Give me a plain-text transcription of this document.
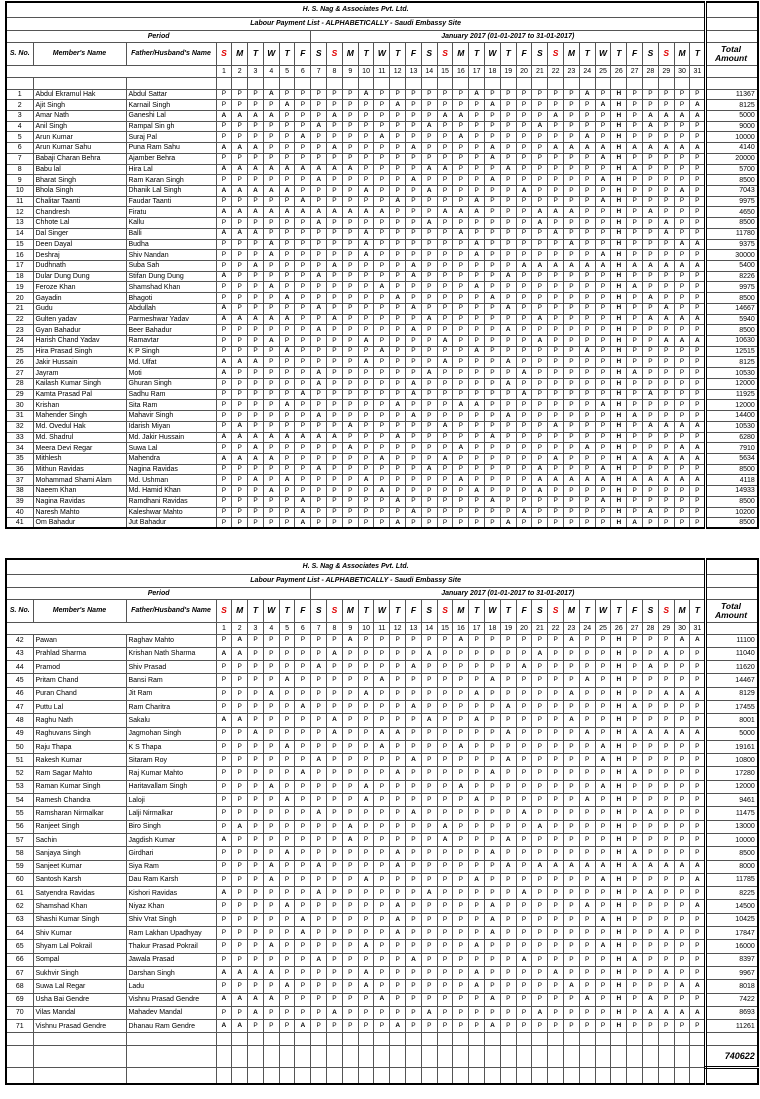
H. S. Nag & Associates Pvt. Ltd.																																		
Labour Payment List - ALPHABETICALLY - Saudi Embassy Site																																		
Period									January 2017 (01-01-2017 to 31-01-2017)																									
S. No.	Member's Name	Father/Husband's Name	S	M	T	W	T	F	S	S	M	T	W	T	F	S	S	M	T	W	T	F	S	S	M	T	W	T	F	S	S	M	T	Total Amount
			1	2	3	4	5	6	7	8	9	10	11	12	13	14	15	16	17	18	19	20	21	22	23	24	25	26	27	28	29	30	31	

1	Abdul Ekramul Hak	Abdul Sattar	P	P	P	A	P	P	P	P	P	A	P	P	P	P	P	P	A	P	P	P	P	P	P	A	P	H	P	P	P	P	P	11367
2	Ajit Singh	Karnail Singh	P	P	P	P	A	P	P	P	P	P	P	A	P	P	P	P	P	A	P	P	P	P	P	P	A	H	P	P	P	P	A	8125
3	Amar Nath	Ganeshi Lal	A	A	A	A	P	P	P	A	P	P	P	P	P	P	A	A	P	P	P	P	P	A	P	P	P	H	P	A	A	A	A	5000
4	Anil Singh	Rampal Sin gh	P	P	P	P	P	P	A	P	P	P	P	P	P	A	P	P	P	P	P	P	A	P	P	P	P	H	P	A	P	P	P	9000
5	Arun Kumar	Suraj Pal	P	P	P	P	P	A	P	P	P	P	A	P	P	P	P	A	P	P	P	P	P	P	P	A	P	H	P	P	P	P	P	10000
6	Arun Kumar Sahu	Puna Ram Sahu	A	A	A	P	P	P	P	A	P	P	P	P	A	P	P	P	P	A	P	P	P	A	A	A	A	H	A	A	A	A	A	4140
7	Babaji Charan Behra	Ajamber Behra	P	P	P	P	P	P	P	P	P	P	P	P	P	P	P	P	P	A	P	P	P	P	P	P	A	H	P	P	P	P	P	20000
8	Babu lal	Hira Lal	A	A	A	A	A	A	A	A	A	P	P	P	P	A	A	P	P	P	A	P	P	P	P	P	P	H	A	P	P	P	P	5700
9	Bharat Singh	Ram Karan Singh	P	P	P	P	P	P	A	P	P	P	P	P	A	P	P	P	P	A	P	P	P	P	P	P	A	H	P	P	P	P	P	8500
10	Bhola Singh	Dhanik Lal Singh	A	A	A	A	A	P	P	P	P	A	P	P	P	A	P	P	P	P	P	A	P	P	P	P	P	H	P	P	P	A	P	7043
11	Chalitar Taanti	Faudar Taanti	P	P	P	P	P	A	P	P	P	P	P	A	P	P	P	P	A	P	P	P	P	P	P	P	A	H	P	P	P	P	P	9975
12	Chandresh	Firatu	A	A	A	A	A	A	A	A	A	A	A	P	P	P	A	A	A	P	P	P	A	A	A	P	P	H	P	A	P	P	P	4650
13	Chhote Lal	Kallu	P	P	P	P	P	P	A	P	P	P	P	P	P	A	P	P	P	P	P	P	A	P	P	P	P	H	P	P	A	P	P	8500
14	Dal Singer	Balli	A	A	A	P	P	P	P	P	P	A	P	P	P	P	P	A	P	P	P	P	P	A	P	P	P	H	P	P	A	P	P	11780
15	Deen Dayal	Budha	P	P	P	A	P	P	P	P	P	A	P	P	P	P	P	P	A	P	P	P	P	P	A	P	P	H	P	P	P	A	A	9375
16	Deshraj	Shiv Nandan	P	P	P	A	P	P	P	P	P	A	P	P	P	P	P	P	A	P	P	P	P	P	P	P	A	H	P	P	P	P	P	30000
17	Dudhnath	Suba Sah	P	P	A	P	P	P	P	A	P	P	P	P	A	P	P	P	P	P	P	A	A	A	A	A	A	H	A	A	A	A	A	5400
18	Dular Dung Dung	Stifan Dung Dung	A	P	P	P	P	P	A	P	P	P	P	P	A	P	P	P	P	P	A	P	P	P	P	P	P	H	P	P	P	P	P	8226
19	Feroze Khan	Shamshad Khan	P	P	P	A	P	P	P	P	P	P	A	P	P	P	P	P	A	P	P	P	P	P	P	P	P	H	A	P	P	P	P	9975
20	Gayadin	Bhagoti	P	P	P	P	A	P	P	P	P	P	P	A	P	P	P	P	P	A	P	P	P	P	P	P	P	H	P	A	P	P	P	8500
21	Gudu	Abdullah	A	P	P	P	P	P	A	P	P	P	P	P	A	P	P	P	P	P	A	P	P	P	P	P	P	H	P	P	A	P	P	14667
22	Gulten yadav	Parmeshwar Yadav	A	A	A	A	A	P	P	A	P	P	P	P	P	A	P	P	P	P	P	P	A	P	P	P	P	H	P	A	A	A	A	5940
23	Gyan Bahadur	Beer Bahadur	P	P	P	P	P	P	A	P	P	P	P	P	A	P	P	P	P	P	A	P	P	P	P	P	P	H	P	P	P	P	P	8500
24	Harish Chand Yadav	Ramavtar	P	P	P	A	P	P	P	P	P	A	P	P	P	P	A	P	P	P	P	P	A	P	P	P	P	H	P	P	A	A	A	10630
25	Hira Prasad Singh	K P Singh	P	P	P	P	A	P	P	P	P	P	A	P	P	P	P	P	A	P	P	P	P	P	P	A	P	H	P	P	P	P	P	12515
26	Jakir Hussain	Md. Ulfat	A	A	A	P	P	P	P	P	P	A	P	P	P	P	A	P	P	P	A	P	P	P	P	P	P	H	P	P	P	P	P	8125
27	Jayram	Moti	A	P	P	P	P	P	A	P	P	P	P	P	P	A	P	P	P	P	P	A	P	P	P	P	P	H	A	P	P	P	P	10530
28	Kailash Kumar Singh	Ghuran Singh	P	P	P	P	P	P	A	P	P	P	P	P	A	P	P	P	P	P	A	P	P	P	P	P	P	H	P	P	P	P	P	12000
29	Kamta Prasad Pal	Sadhu Ram	P	P	P	P	P	A	P	P	P	P	P	P	A	P	P	P	P	P	P	A	P	P	P	P	P	H	P	A	P	P	P	11925
30	Krishan	Sita Ram	P	P	P	P	A	P	P	P	P	P	P	A	P	P	P	A	A	P	P	P	P	P	P	P	A	H	P	P	P	P	P	12000
31	Mahender Singh	Mahavir Singh	P	P	P	P	P	P	A	P	P	P	P	P	A	P	P	P	P	P	A	P	P	P	P	P	P	H	A	P	P	P	P	14400
32	Md. Ovedul Hak	Idarish Miyan	P	A	P	P	P	P	P	P	A	P	P	P	P	P	A	P	P	P	P	P	P	A	P	P	P	H	P	A	A	A	A	10530
33	Md. Shadrul	Md. Jakir Hussain	A	A	A	A	A	A	A	A	P	P	P	A	P	P	P	P	P	A	P	P	P	P	P	P	P	H	P	P	P	P	P	6280
34	Meera Devi Regar	Suwa Lal	P	P	A	P	P	P	P	P	A	P	P	P	P	P	P	A	P	P	P	P	P	P	P	A	P	H	P	P	P	A	A	7910
35	Mithlesh	Mahendra	A	A	A	A	P	P	P	P	P	P	A	P	P	P	A	P	P	P	P	P	P	A	P	P	P	H	A	A	A	A	A	5634
36	Mithun Ravidas	Nagina Ravidas	P	P	P	P	P	P	A	P	P	P	P	P	P	A	P	P	P	P	P	P	A	P	P	P	A	H	P	P	P	P	P	8500
37	Mohammad Shami Alam	Md. Ushman	P	P	A	P	A	P	P	P	P	A	P	P	P	P	P	A	P	P	P	P	A	A	A	A	A	H	A	A	A	A	A	4118
38	Naeem Khan	Md. Hamid Khan	P	P	P	A	P	P	P	P	P	P	A	P	P	P	P	P	A	P	P	P	A	P	P	P	P	H	P	P	P	P	P	14933
39	Nagina Ravidas	Ramdhani Ravidas	P	P	P	P	P	A	P	P	P	P	P	A	P	P	P	P	P	A	P	P	P	P	P	P	A	H	P	P	P	P	P	8500
40	Naresh Mahto	Kaleshwar Mahto	P	P	P	P	P	A	P	P	P	P	P	P	A	P	P	P	P	P	P	A	P	P	P	P	P	H	P	A	P	P	P	10200
41	Om Bahadur	Jut Bahadur	P	P	P	P	P	A	P	P	P	P	P	A	P	P	P	P	P	P	A	P	P	P	P	P	P	H	A	P	P	P	P	8500
H. S. Nag & Associates Pvt. Ltd.																																		
Labour Payment List - ALPHABETICALLY - Saudi Embassy Site																																		
Period									January 2017 (01-01-2017 to 31-01-2017)																									
S. No.	Member's Name	Father/Husband's Name	S	M	T	W	T	F	S	S	M	T	W	T	F	S	S	M	T	W	T	F	S	S	M	T	W	T	F	S	S	M	T	Total Amount
			1	2	3	4	5	6	7	8	9	10	11	12	13	14	15	16	17	18	19	20	21	22	23	24	25	26	27	28	29	30	31	
42	Pawan	Raghav Mahto	P	A	P	P	P	P	P	P	A	P	P	P	P	P	P	A	P	P	P	P	P	P	A	P	P	H	P	P	P	A	A	11100
43	Prahlad Sharma	Krishan Nath Sharma	A	A	P	P	P	P	P	A	P	P	P	P	P	A	P	P	P	P	P	P	A	P	P	P	P	H	P	P	A	P	P	11040
44	Pramod	Shiv Prasad	P	P	P	P	P	P	A	P	P	P	P	P	A	P	P	P	P	P	P	A	P	P	P	P	P	H	P	A	P	P	P	11620
45	Pritam Chand	Bansi Ram	P	P	P	P	A	P	P	P	P	P	A	P	P	P	P	P	P	A	P	P	P	P	P	A	P	H	P	P	P	P	P	14467
46	Puran Chand	Jit Ram	P	P	P	A	P	P	P	P	P	A	P	P	P	P	P	P	A	P	P	P	P	P	A	P	P	H	P	P	A	A	A	8129
47	Puttu Lal	Ram Charitra	P	P	P	P	P	A	P	P	P	P	P	P	A	P	P	P	P	P	A	P	P	P	P	P	P	H	A	P	P	P	P	17455
48	Raghu Nath	Sakalu	A	A	P	P	P	P	P	A	P	P	P	P	P	A	P	P	A	P	P	P	P	P	A	P	P	H	P	P	P	P	P	8001
49	Raghuvans Singh	Jagmohan Singh	P	P	A	P	P	P	P	A	P	P	A	A	P	P	P	P	P	P	A	P	P	P	P	A	P	H	A	A	A	A	A	5000
50	Raju Thapa	K S Thapa	P	P	P	P	A	P	P	P	P	P	A	P	P	P	P	A	P	P	P	P	P	P	P	P	A	H	P	P	P	P	P	19161
51	Rakesh Kumar	Sitaram Roy	P	P	P	P	P	P	A	P	P	P	P	P	A	P	P	P	P	P	A	P	P	P	P	P	A	H	P	P	P	P	P	10800
52	Ram Sagar Mahto	Raj Kumar Mahto	P	P	P	P	P	A	P	P	P	P	P	A	P	P	P	P	P	A	P	P	P	P	P	P	P	H	A	P	P	P	P	17280
53	Raman Kumar Singh	Haritavallam Singh	P	P	P	A	P	P	P	P	P	A	P	P	P	P	P	A	P	P	P	P	P	P	P	P	A	H	P	P	P	P	P	12000
54	Ramesh Chandra	Laloji	P	P	P	P	A	P	P	P	P	A	P	P	P	P	P	P	A	P	P	P	P	P	P	A	P	H	P	P	P	P	P	9461
55	Ramsharan Nirmalkar	Lalji Nirmalkar	P	P	P	P	P	P	A	P	P	P	P	P	A	P	P	P	P	P	P	A	P	P	P	P	P	H	P	A	P	P	P	11475
56	Ranjeet Singh	Biro Singh	P	A	P	P	P	P	P	P	A	P	P	P	P	P	A	P	P	P	P	P	A	P	P	P	P	H	P	P	P	P	P	13000
57	Sachin	Jagdish Kumar	A	P	P	P	P	P	P	P	A	P	P	P	P	P	A	P	P	P	A	P	P	P	P	P	P	H	P	P	P	P	P	10000
58	Sanjaya Singh	Girdhari	P	P	P	P	A	P	P	P	P	P	P	A	P	P	P	P	P	A	P	P	P	P	P	P	P	H	A	P	P	P	P	8500
59	Sanjeet Kumar	Siya Ram	P	P	P	A	P	P	A	P	P	P	P	A	P	P	P	P	P	P	A	P	A	A	A	A	A	H	A	A	A	A	A	8000
60	Santosh Karsh	Dau Ram Karsh	P	P	P	A	P	P	P	P	P	A	P	P	P	P	P	P	A	P	P	P	P	P	P	P	A	H	P	P	P	P	A	11785
61	Satyendra Ravidas	Kishori Ravidas	A	P	P	P	P	P	A	P	P	P	P	P	P	A	P	P	P	P	P	A	P	P	P	P	P	H	P	A	P	P	P	8225
62	Shamshad Khan	Niyaz Khan	P	P	P	P	A	P	P	P	P	P	P	A	P	P	P	P	P	A	P	P	P	P	P	A	P	H	P	P	P	P	A	14500
63	Shashi Kumar Singh	Shiv Vrat Singh	P	P	P	P	P	A	P	P	P	P	P	A	P	P	P	P	P	A	P	P	P	P	P	P	A	H	P	P	P	P	P	10425
64	Shiv Kumar	Ram Lakhan Upadhyay	P	P	P	P	P	A	P	P	P	P	P	A	P	P	P	P	P	A	P	P	P	P	P	P	P	H	P	P	A	P	P	17847
65	Shyam Lal Pokrail	Thakur Prasad Pokrail	P	P	P	A	P	P	P	P	P	A	P	P	P	P	P	P	A	P	P	P	P	P	P	P	A	H	P	P	P	P	P	16000
66	Sompal	Jawala Prasad	P	P	P	P	P	P	A	P	P	P	P	P	A	P	P	P	P	P	P	A	P	P	P	P	P	H	A	P	P	P	P	8397
67	Sukhvir Singh	Darshan Singh	A	A	A	A	P	P	P	P	P	A	P	P	P	P	P	P	A	P	P	P	P	A	P	P	P	H	P	P	A	P	P	9967
68	Suwa Lal Regar	Ladu	P	P	P	P	A	P	P	P	P	A	P	P	P	P	P	P	A	P	P	P	P	P	A	P	P	H	P	P	P	A	A	8018
69	Usha Bai Gendre	Vishnu Prasad Gendre	A	A	A	A	P	P	P	P	P	P	A	P	P	P	P	P	P	A	P	P	P	P	P	A	P	H	P	A	P	P	P	7422
70	Vilas Mandal	Mahadev Mandal	P	P	A	P	P	P	P	A	P	P	P	P	P	A	P	P	P	P	P	P	A	P	P	P	P	H	P	A	A	A	A	8693
71	Vishnu Prasad Gendre	Dhanau Ram Gendre	A	A	P	P	P	A	P	P	P	P	P	A	P	P	P	P	P	A	P	P	P	P	P	P	P	H	P	P	P	P	P	11261

																																		740622
